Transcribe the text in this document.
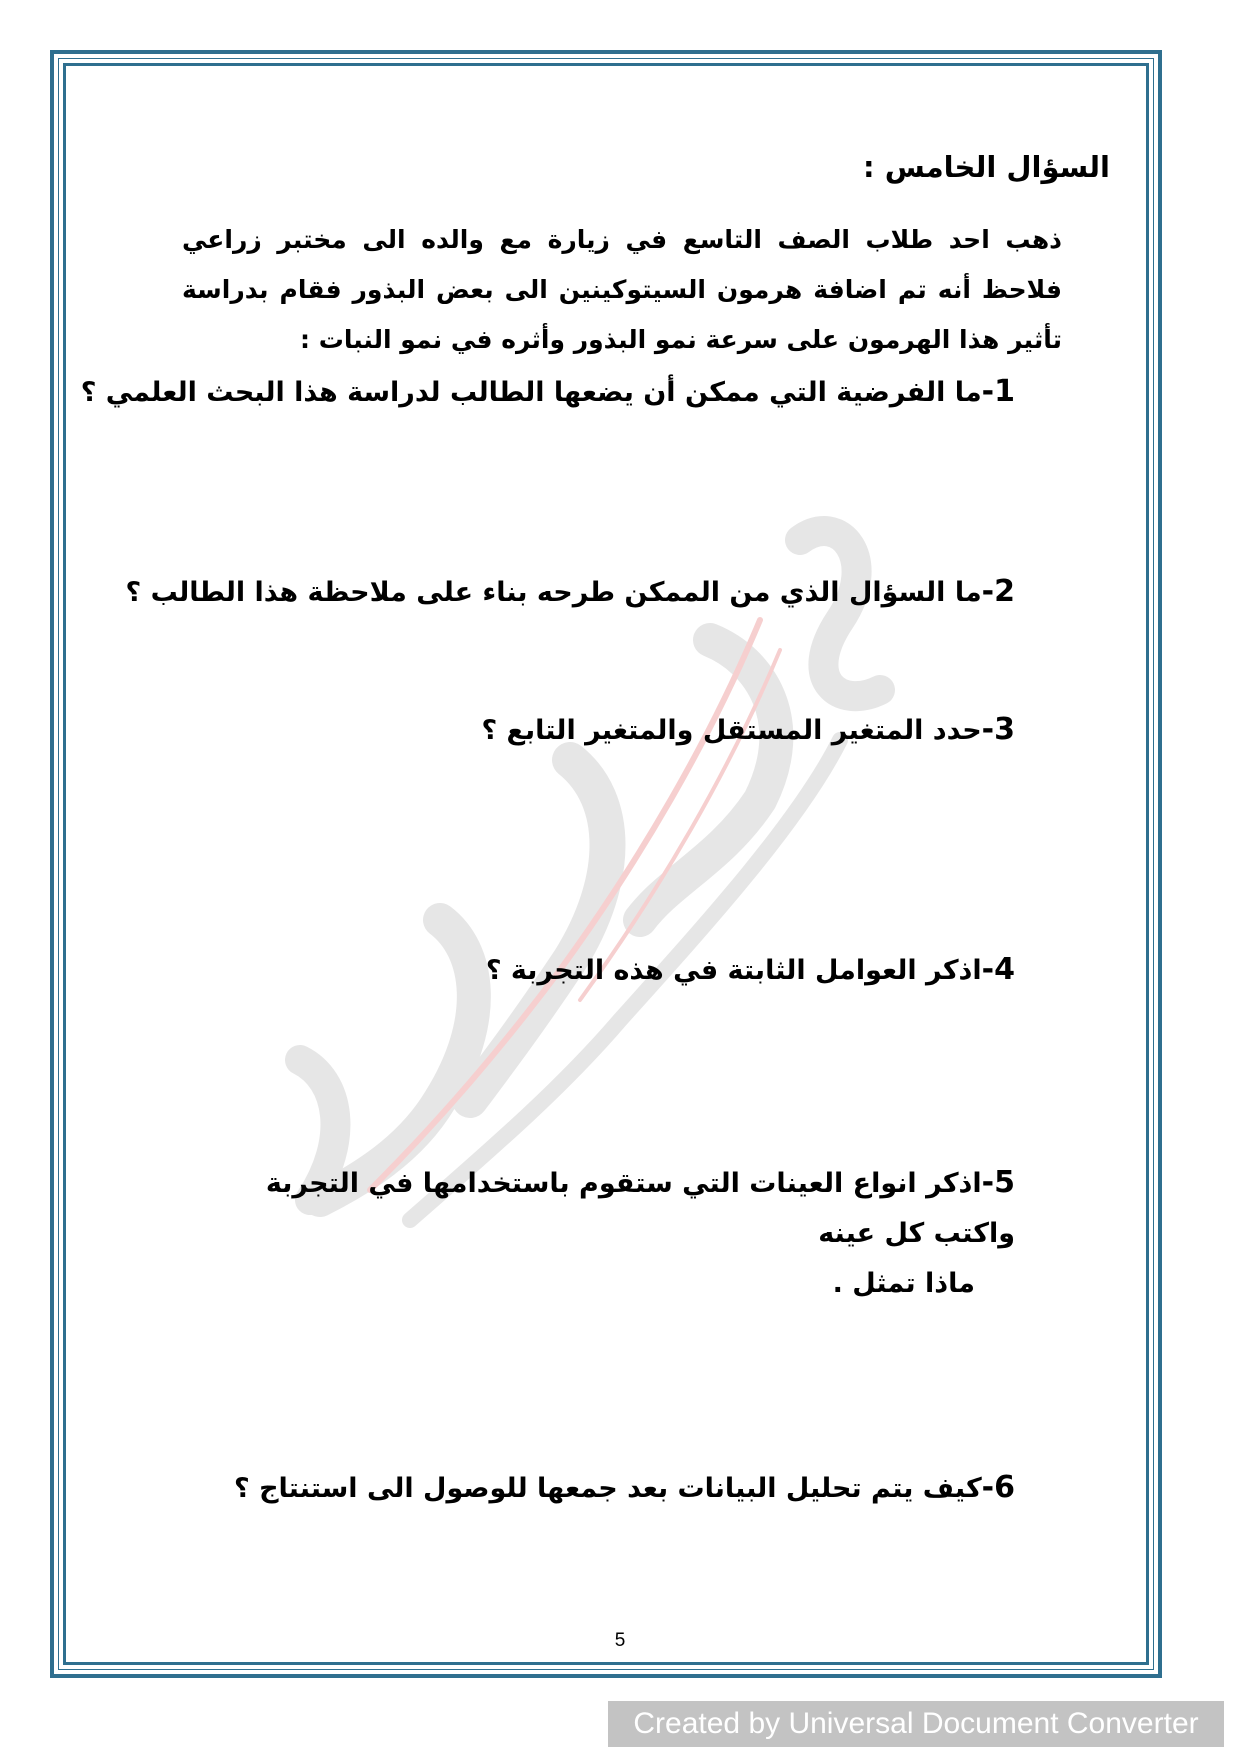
السؤال الخامس :
ذهب احد طلاب الصف التاسع في زيارة مع والده الى مختبر زراعي فلاحظ أنه تم اضافة هرمون السيتوكينين الى بعض البذور فقام بدراسة تأثير هذا الهرمون على سرعة نمو البذور وأثره في نمو النبات :
1-ما الفرضية التي ممكن أن يضعها الطالب لدراسة هذا البحث العلمي ؟
2-ما السؤال الذي من الممكن طرحه بناء على ملاحظة هذا الطالب ؟
3-حدد المتغير المستقل والمتغير التابع ؟
4-اذكر العوامل الثابتة في هذه التجربة ؟
5-اذكر انواع العينات التي ستقوم باستخدامها في التجربة واكتب كل عينه
ماذا تمثل .
6-كيف يتم تحليل البيانات بعد جمعها للوصول الى استنتاج ؟
5
Created by Universal Document Converter
